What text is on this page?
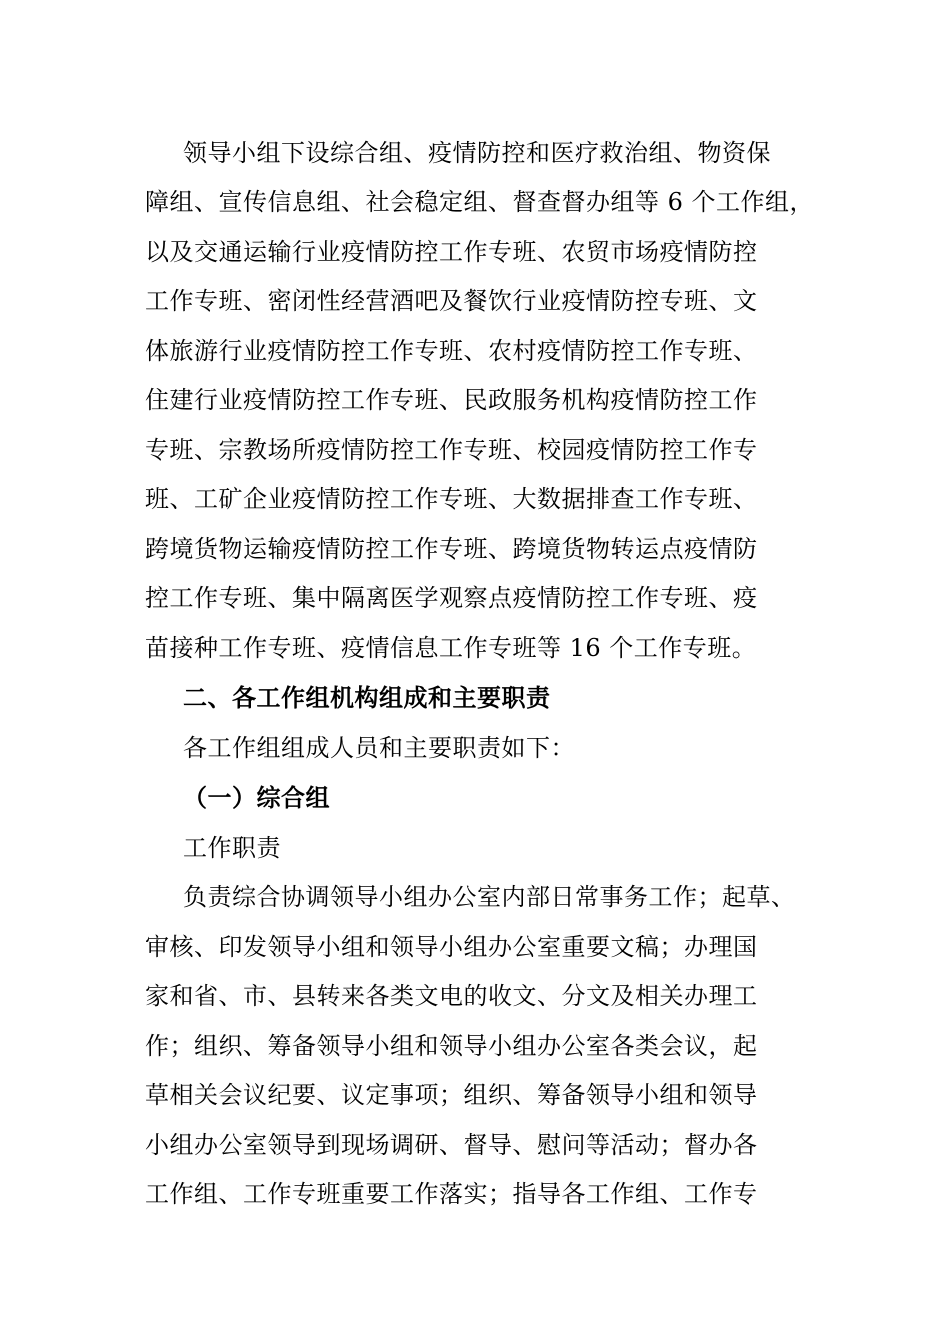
领导小组下设综合组、疫情防控和医疗救治组、物资保
障组、宣传信息组、社会稳定组、督查督办组等 6 个工作组，
以及交通运输行业疫情防控工作专班、农贸市场疫情防控
工作专班、密闭性经营酒吧及餐饮行业疫情防控专班、文
体旅游行业疫情防控工作专班、农村疫情防控工作专班、
住建行业疫情防控工作专班、民政服务机构疫情防控工作
专班、宗教场所疫情防控工作专班、校园疫情防控工作专
班、工矿企业疫情防控工作专班、大数据排查工作专班、
跨境货物运输疫情防控工作专班、跨境货物转运点疫情防
控工作专班、集中隔离医学观察点疫情防控工作专班、疫
苗接种工作专班、疫情信息工作专班等 16 个工作专班。
二、各工作组机构组成和主要职责
各工作组组成人员和主要职责如下：
（一）综合组
工作职责
负责综合协调领导小组办公室内部日常事务工作；起草、
审核、印发领导小组和领导小组办公室重要文稿；办理国
家和省、市、县转来各类文电的收文、分文及相关办理工
作；组织、筹备领导小组和领导小组办公室各类会议，起
草相关会议纪要、议定事项；组织、筹备领导小组和领导
小组办公室领导到现场调研、督导、慰问等活动；督办各
工作组、工作专班重要工作落实；指导各工作组、工作专
